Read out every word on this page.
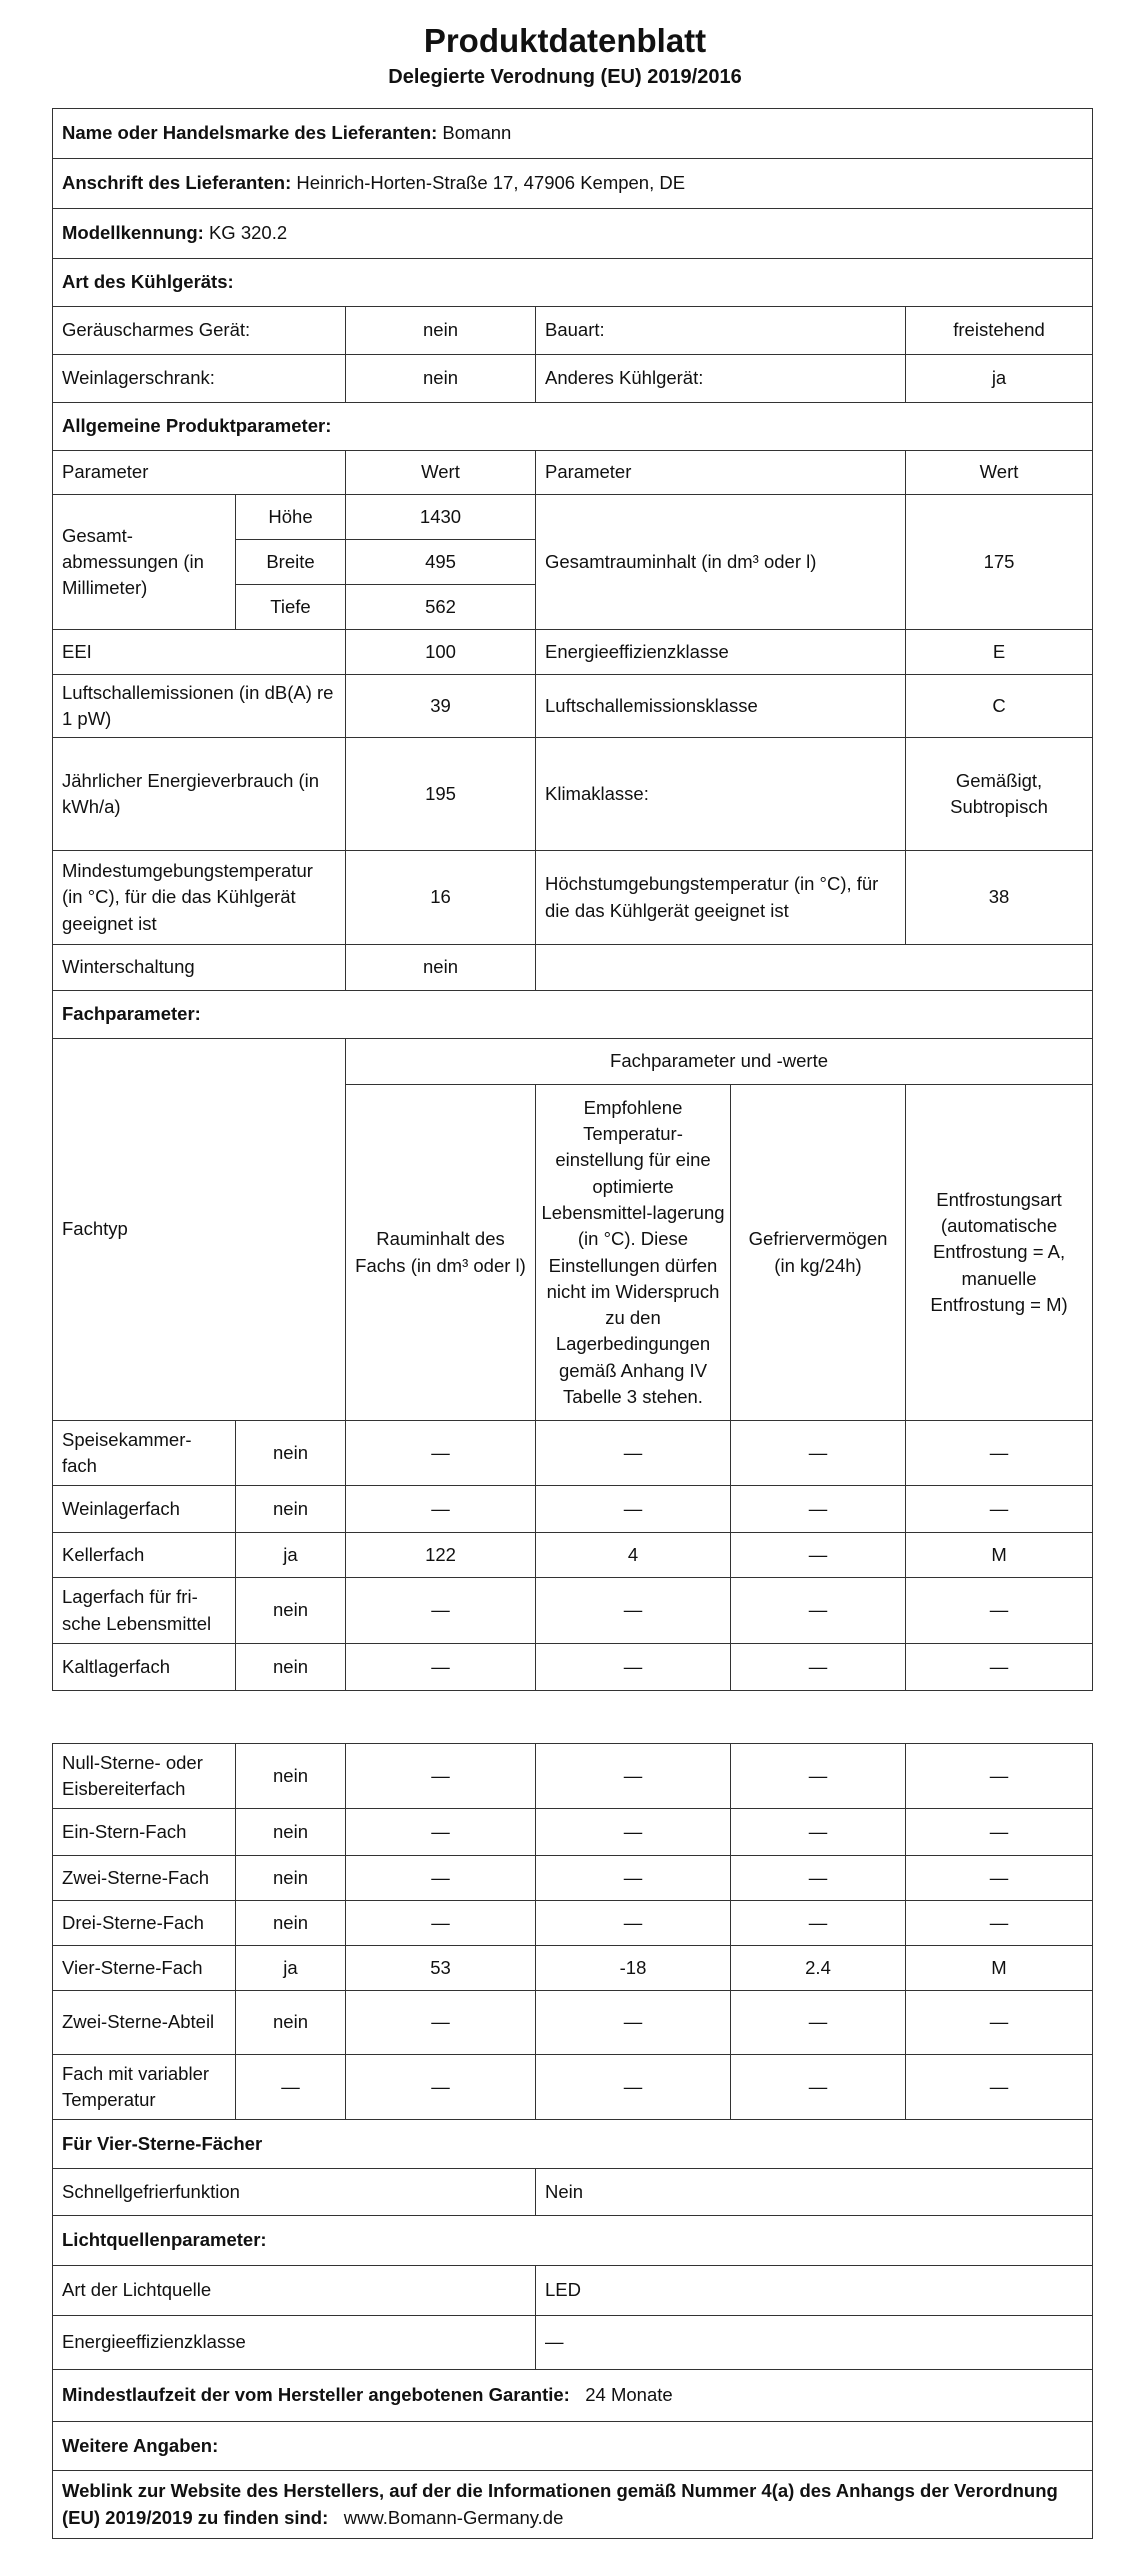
Produktdatenblatt
Delegierte Verodnung (EU) 2019/2016
Name oder Handelsmarke des Lieferanten: Bomann					
Anschrift des Lieferanten: Heinrich-Horten-Straße 17, 47906 Kempen, DE					
Modellkennung: KG 320.2					
Art des Kühlgeräts:					
Geräuscharmes Gerät:		nein	Bauart:		freistehend
Weinlagerschrank:		nein	Anderes Kühlgerät:		ja
Allgemeine Produktparameter:					
Parameter		Wert	Parameter		Wert
Gesamt-abmessungen (in Millimeter)	Höhe	1430	Gesamtrauminhalt (in dm³ oder l)		175
	Breite	495			
	Tiefe	562			
EEI		100	Energieeffizienzklasse		E
Luftschallemissionen (in dB(A) re 1 pW)		39	Luftschallemissionsklasse		C
Jährlicher Energieverbrauch (in kWh/a)		195	Klimaklasse:		Gemäßigt, Subtropisch
Mindestumgebungstemperatur (in °C), für die das Kühlgerät geeignet ist		16	Höchstumgebungstemperatur (in °C), für die das Kühlgerät geeignet ist		38
Winterschaltung		nein			
Fachparameter:					
Fachtyp		Fachparameter und -werte			
		Rauminhalt des Fachs (in dm³ oder l)	Empfohlene Temperatur-einstellung für eine optimierte Lebensmittel-lagerung (in °C). Diese Einstellungen dürfen nicht im Widerspruch zu den Lagerbedingungen gemäß Anhang IV Tabelle 3 stehen.	Gefriervermögen (in kg/24h)	Entfrostungsart (automatische Entfrostung = A, manuelle Entfrostung = M)
Speisekammer-fach	nein	—	—	—	—
Weinlagerfach	nein	—	—	—	—
Kellerfach	ja	122	4	—	M
Lagerfach für fri-sche Lebensmittel	nein	—	—	—	—
Kaltlagerfach	nein	—	—	—	—
Null-Sterne- oder Eisbereiterfach	nein	—	—	—	—
Ein-Stern-Fach	nein	—	—	—	—
Zwei-Sterne-Fach	nein	—	—	—	—
Drei-Sterne-Fach	nein	—	—	—	—
Vier-Sterne-Fach	ja	53	-18	2.4	M
Zwei-Sterne-Abteil	nein	—	—	—	—
Fach mit variabler Temperatur	—	—	—	—	—
Für Vier-Sterne-Fächer					
Schnellgefrierfunktion			Nein		
Lichtquellenparameter:					
Art der Lichtquelle			LED		
Energieeffizienzklasse			—		
Mindestlaufzeit der vom Hersteller angebotenen Garantie: 24 Monate					
Weitere Angaben:					
Weblink zur Website des Herstellers, auf der die Informationen gemäß Nummer 4(a) des Anhangs der Verordnung (EU) 2019/2019 zu finden sind: www.Bomann-Germany.de					
